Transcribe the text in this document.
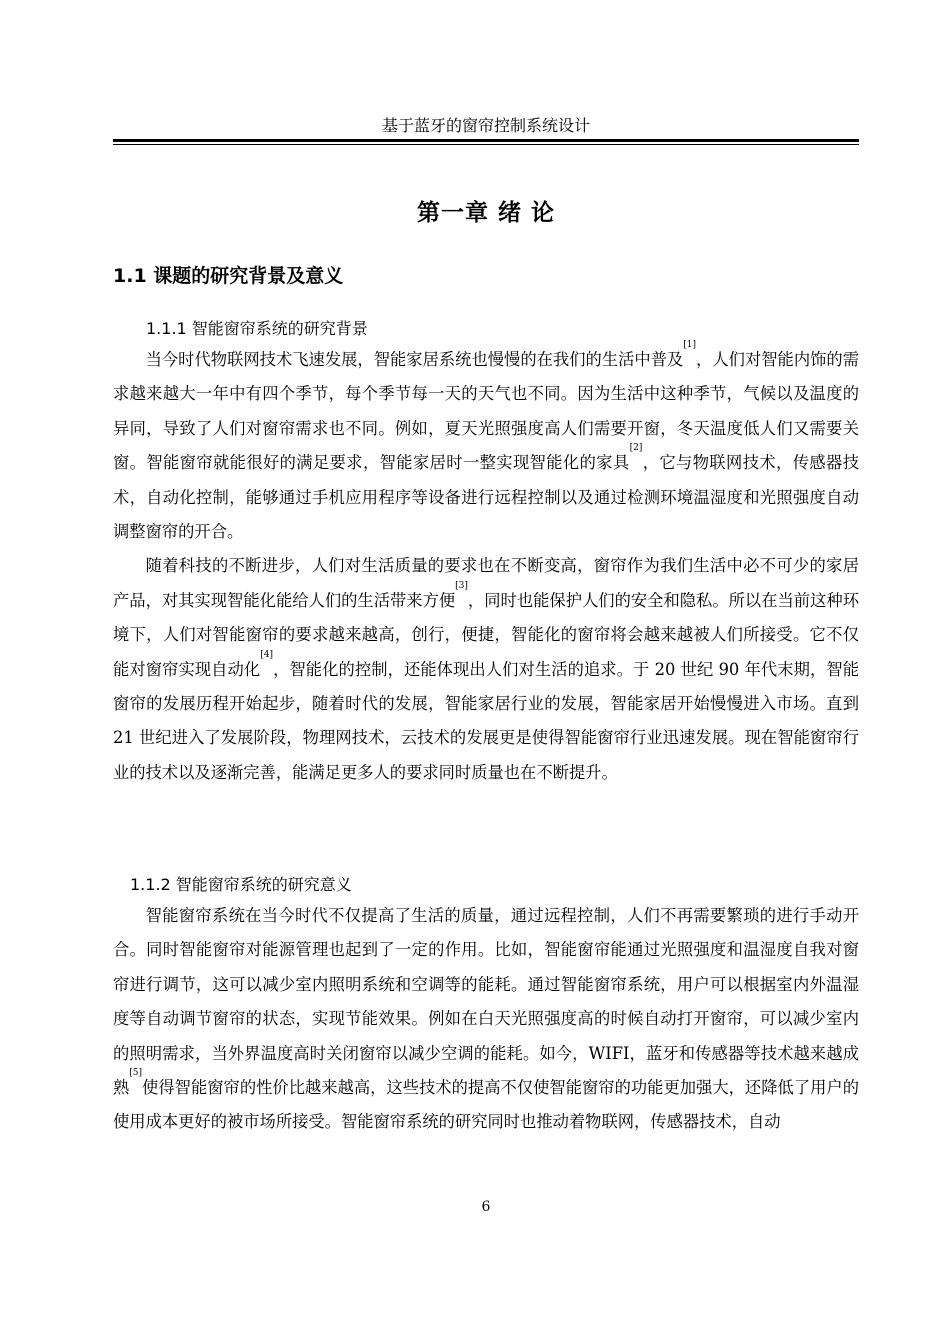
基于蓝牙的窗帘控制系统设计
第一章 绪 论
1.1 课题的研究背景及意义
1.1.1 智能窗帘系统的研究背景

当今时代物联网技术飞速发展，智能家居系统也慢慢的在我们的生活中普及[1]，人们对智能内饰的需求越来越大一年中有四个季节，每个季节每一天的天气也不同。因为生活中这种季节，气候以及温度的异同，导致了人们对窗帘需求也不同。例如，夏天光照强度高人们需要开窗，冬天温度低人们又需要关窗。智能窗帘就能很好的满足要求，智能家居时一整实现智能化的家具[2]，它与物联网技术，传感器技术，自动化控制，能够通过手机应用程序等设备进行远程控制以及通过检测环境温湿度和光照强度自动调整窗帘的开合。

随着科技的不断进步，人们对生活质量的要求也在不断变高，窗帘作为我们生活中必不可少的家居产品，对其实现智能化能给人们的生活带来方便[3]，同时也能保护人们的安全和隐私。所以在当前这种环境下，人们对智能窗帘的要求越来越高，创行，便捷，智能化的窗帘将会越来越被人们所接受。它不仅能对窗帘实现自动化[4]，智能化的控制，还能体现出人们对生活的追求。于 20 世纪 90 年代末期，智能窗帘的发展历程开始起步，随着时代的发展，智能家居行业的发展，智能家居开始慢慢进入市场。直到 21 世纪进入了发展阶段，物理网技术，云技术的发展更是使得智能窗帘行业迅速发展。现在智能窗帘行业的技术以及逐渐完善，能满足更多人的要求同时质量也在不断提升。

1.1.2 智能窗帘系统的研究意义

智能窗帘系统在当今时代不仅提高了生活的质量，通过远程控制，人们不再需要繁琐的进行手动开合。同时智能窗帘对能源管理也起到了一定的作用。比如，智能窗帘能通过光照强度和温湿度自我对窗帘进行调节，这可以减少室内照明系统和空调等的能耗。通过智能窗帘系统，用户可以根据室内外温湿度等自动调节窗帘的状态，实现节能效果。例如在白天光照强度高的时候自动打开窗帘，可以减少室内的照明需求，当外界温度高时关闭窗帘以减少空调的能耗。如今，WIFI，蓝牙和传感器等技术越来越成熟[5]使得智能窗帘的性价比越来越高，这些技术的提高不仅使智能窗帘的功能更加强大，还降低了用户的使用成本更好的被市场所接受。智能窗帘系统的研究同时也推动着物联网，传感器技术，自动

6
